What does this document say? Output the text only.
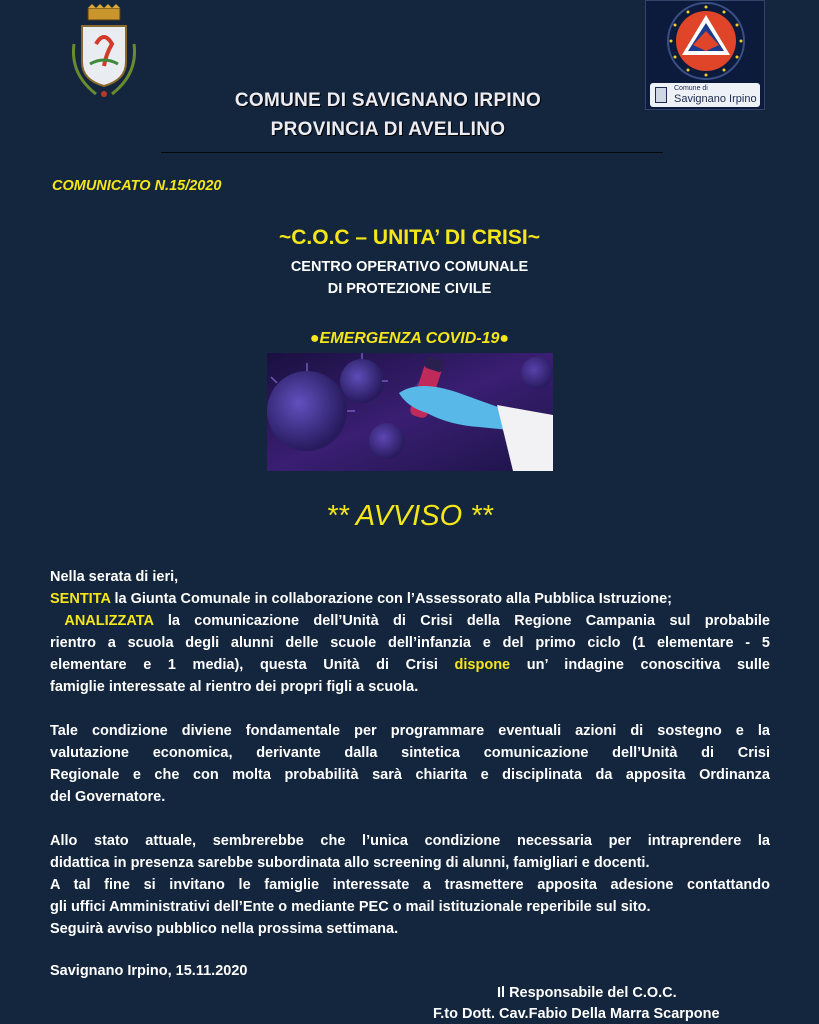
Comune di
Savignano Irpino
COMUNE DI SAVIGNANO IRPINO
PROVINCIA DI AVELLINO
COMUNICATO N.15/2020
~C.O.C – UNITA’ DI CRISI~
CENTRO OPERATIVO COMUNALE
DI PROTEZIONE CIVILE
●EMERGENZA COVID-19●
** AVVISO **
Nella serata di ieri,
SENTITA la Giunta Comunale in collaborazione con l’Assessorato alla Pubblica Istruzione;
ANALIZZATA la comunicazione dell’Unità di Crisi della Regione Campania sul probabile
rientro a scuola degli alunni delle scuole dell’infanzia e del primo ciclo (1 elementare - 5
elementare e 1 media), questa Unità di Crisi dispone un’ indagine conoscitiva sulle
famiglie interessate al rientro dei propri figli a scuola.
Tale condizione diviene fondamentale per programmare eventuali azioni di sostegno e la
valutazione economica, derivante dalla sintetica comunicazione dell’Unità di Crisi
Regionale e che con molta probabilità sarà chiarita e disciplinata da apposita Ordinanza
del Governatore.
Allo stato attuale, sembrerebbe che l’unica condizione necessaria per intraprendere la
didattica in presenza sarebbe subordinata allo screening di alunni, famigliari e docenti.
A tal fine si invitano le famiglie interessate a trasmettere apposita adesione contattando
gli uffici Amministrativi dell’Ente o mediante PEC o mail istituzionale reperibile sul sito.
Seguirà avviso pubblico nella prossima settimana.
Savignano Irpino, 15.11.2020
Il Responsabile del C.O.C.
F.to Dott. Cav.Fabio Della Marra Scarpone
